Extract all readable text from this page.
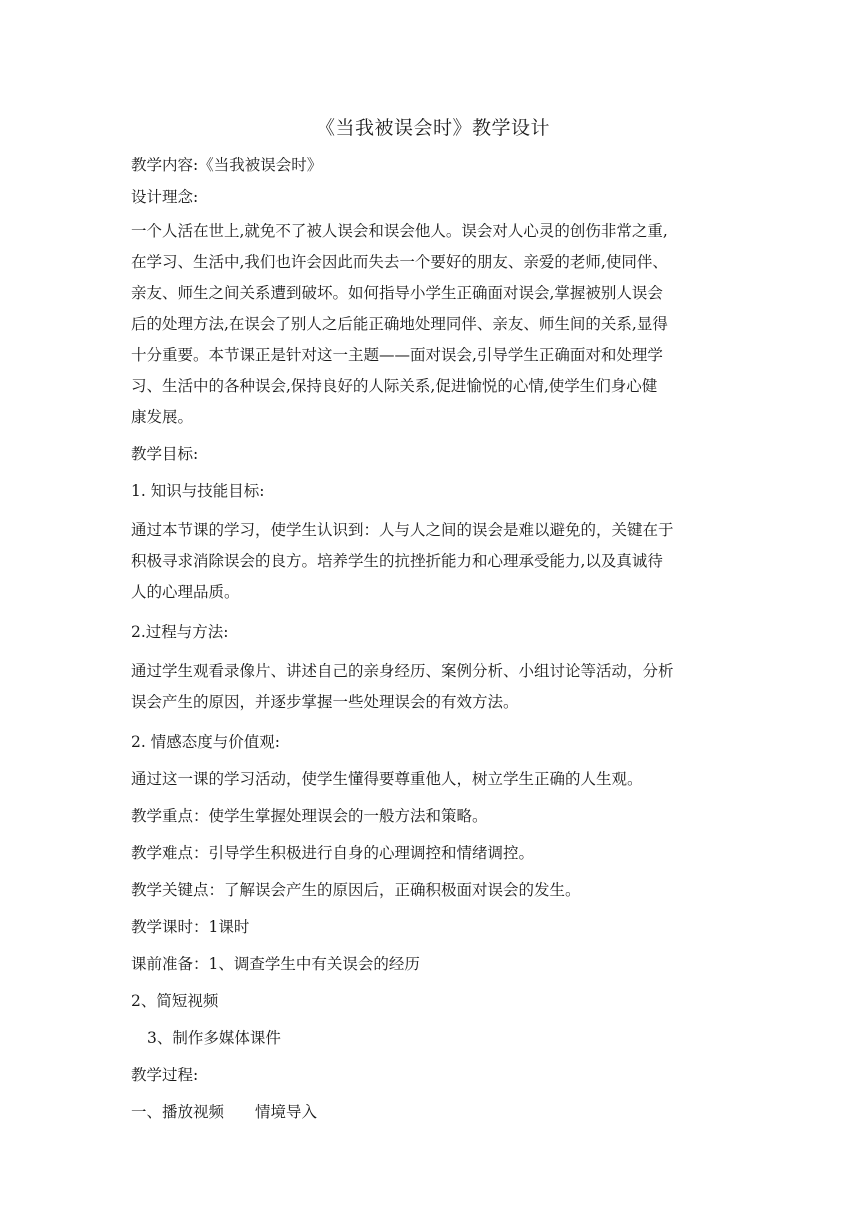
《当我被误会时》教学设计

教学内容:《当我被误会时》

设计理念:

一个人活在世上,就免不了被人误会和误会他人。误会对人心灵的创伤非常之重,

在学习、生活中,我们也许会因此而失去一个要好的朋友、亲爱的老师,使同伴、

亲友、师生之间关系遭到破坏。如何指导小学生正确面对误会,掌握被别人误会

后的处理方法,在误会了别人之后能正确地处理同伴、亲友、师生间的关系,显得

十分重要。本节课正是针对这一主题——面对误会,引导学生正确面对和处理学

习、生活中的各种误会,保持良好的人际关系,促进愉悦的心情,使学生们身心健

康发展。

教学目标:

1. 知识与技能目标:

通过本节课的学习，使学生认识到：人与人之间的误会是难以避免的，关键在于

积极寻求消除误会的良方。培养学生的抗挫折能力和心理承受能力,以及真诚待

人的心理品质。

2.过程与方法:

通过学生观看录像片、讲述自己的亲身经历、案例分析、小组讨论等活动，分析

误会产生的原因，并逐步掌握一些处理误会的有效方法。

2. 情感态度与价值观:

通过这一课的学习活动，使学生懂得要尊重他人，树立学生正确的人生观。

教学重点：使学生掌握处理误会的一般方法和策略。

教学难点：引导学生积极进行自身的心理调控和情绪调控。

教学关键点：了解误会产生的原因后，正确积极面对误会的发生。

教学课时：1课时

课前准备：1、调查学生中有关误会的经历

2、简短视频

3、制作多媒体课件

教学过程:

一、播放视频　　情境导入
